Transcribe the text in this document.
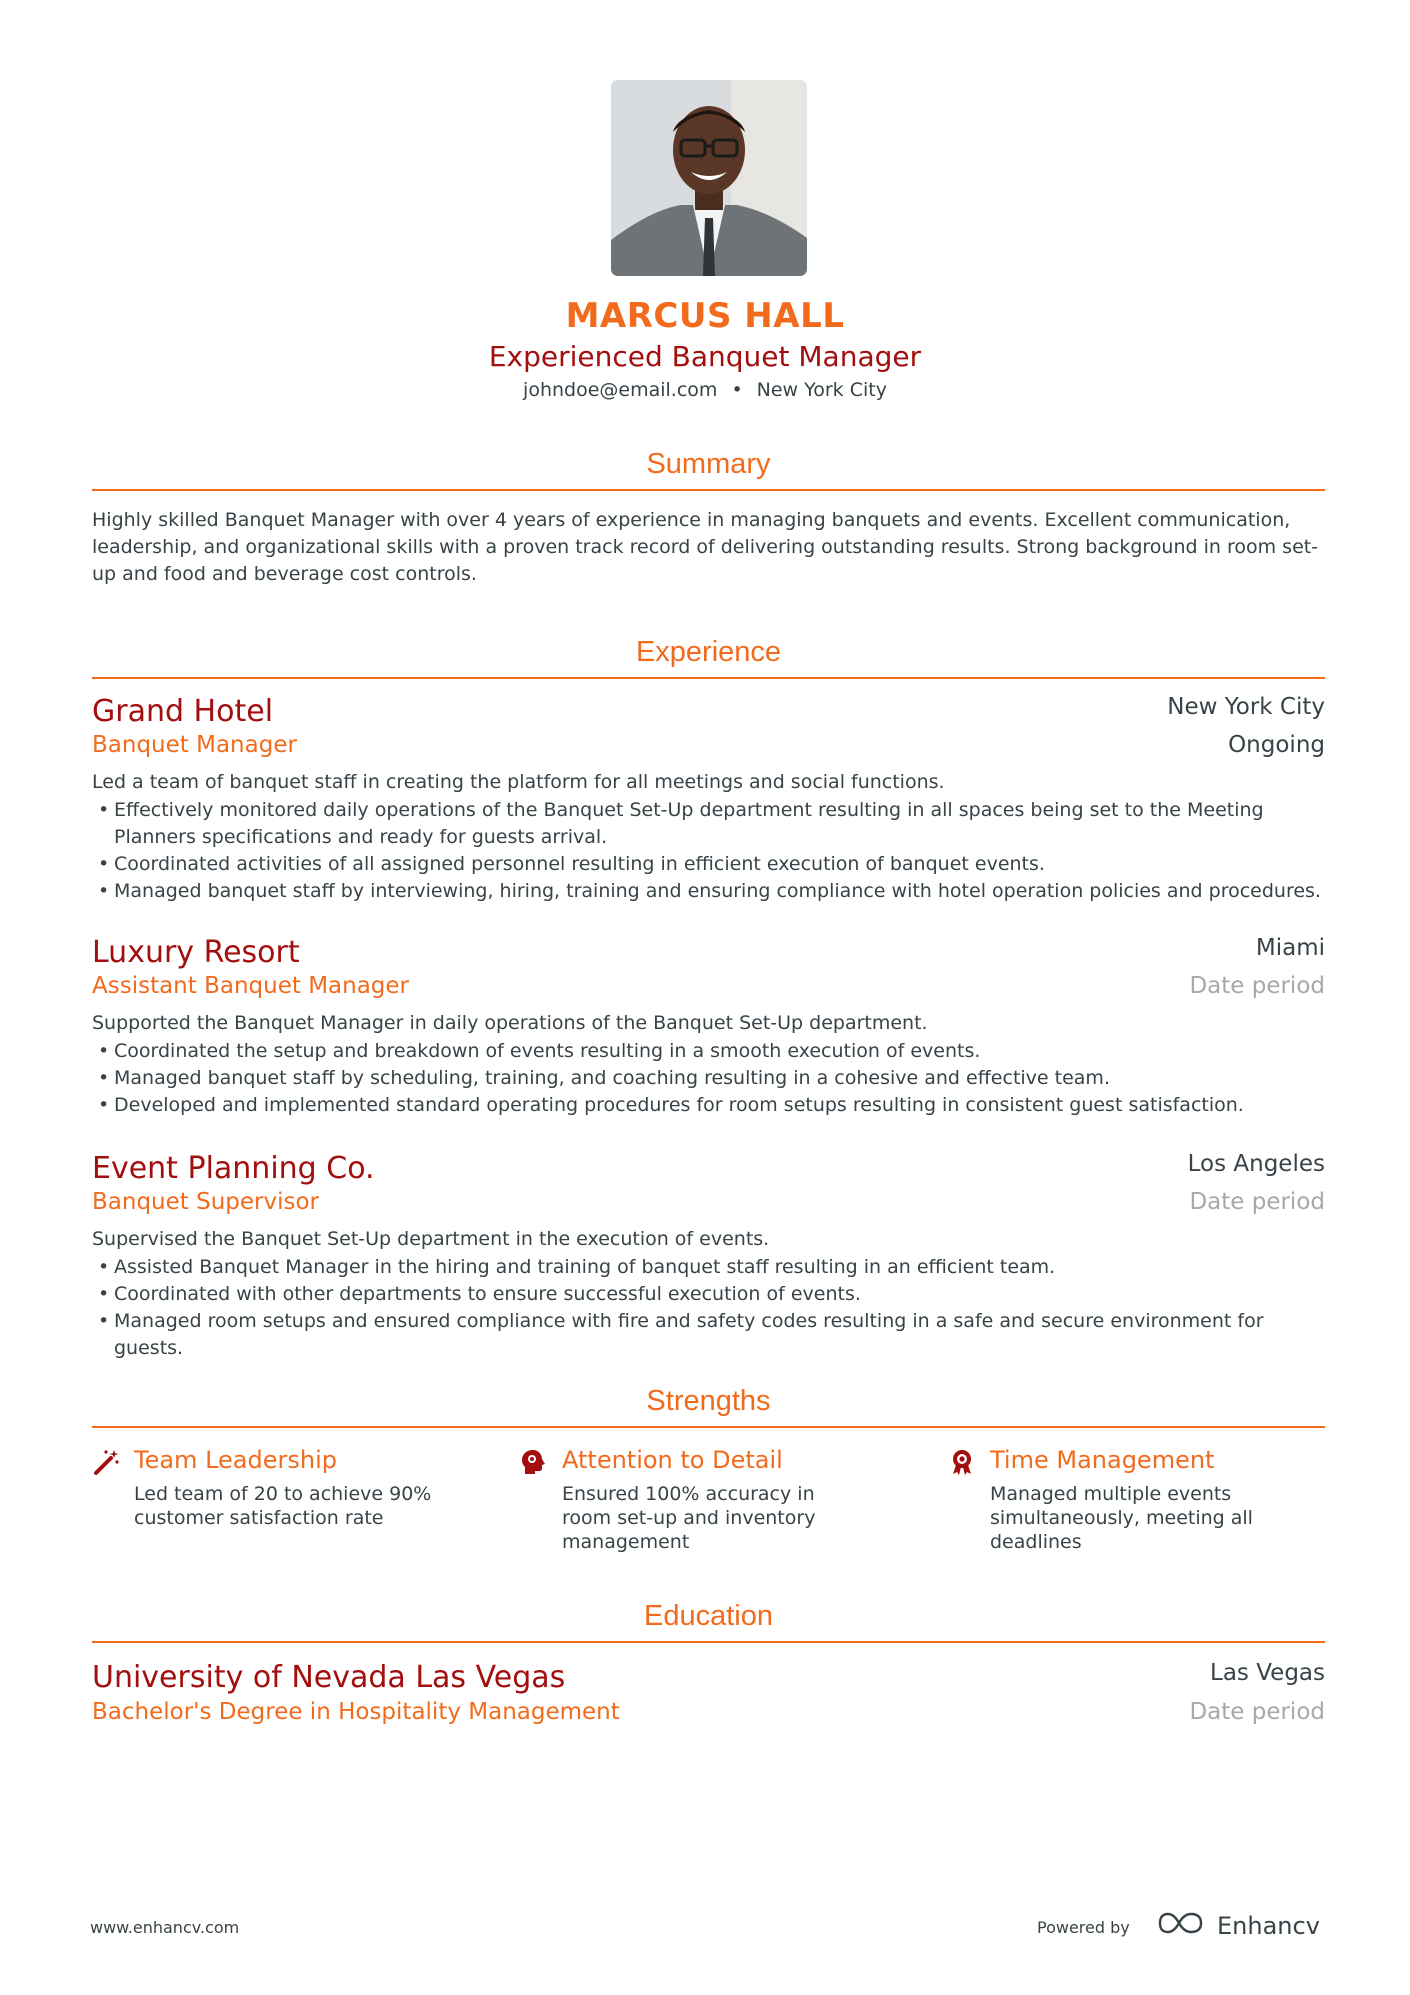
MARCUS HALL
Experienced Banquet Manager
johndoe@email.com • New York City
Summary
Highly skilled Banquet Manager with over 4 years of experience in managing banquets and events. Excellent communication, leadership, and organizational skills with a proven track record of delivering outstanding results. Strong background in room set-up and food and beverage cost controls.
Experience
Grand Hotel	New York City
Banquet Manager	Ongoing
Led a team of banquet staff in creating the platform for all meetings and social functions.
• Effectively monitored daily operations of the Banquet Set-Up department resulting in all spaces being set to the Meeting Planners specifications and ready for guests arrival.
• Coordinated activities of all assigned personnel resulting in efficient execution of banquet events.
• Managed banquet staff by interviewing, hiring, training and ensuring compliance with hotel operation policies and procedures.
Luxury Resort	Miami
Assistant Banquet Manager	Date period
Supported the Banquet Manager in daily operations of the Banquet Set-Up department.
• Coordinated the setup and breakdown of events resulting in a smooth execution of events.
• Managed banquet staff by scheduling, training, and coaching resulting in a cohesive and effective team.
• Developed and implemented standard operating procedures for room setups resulting in consistent guest satisfaction.
Event Planning Co.	Los Angeles
Banquet Supervisor	Date period
Supervised the Banquet Set-Up department in the execution of events.
• Assisted Banquet Manager in the hiring and training of banquet staff resulting in an efficient team.
• Coordinated with other departments to ensure successful execution of events.
• Managed room setups and ensured compliance with fire and safety codes resulting in a safe and secure environment for guests.
Strengths
Team Leadership
Led team of 20 to achieve 90% customer satisfaction rate
Attention to Detail
Ensured 100% accuracy in room set-up and inventory management
Time Management
Managed multiple events simultaneously, meeting all deadlines
Education
University of Nevada Las Vegas	Las Vegas
Bachelor's Degree in Hospitality Management	Date period
www.enhancv.com	Powered by	Enhancv
